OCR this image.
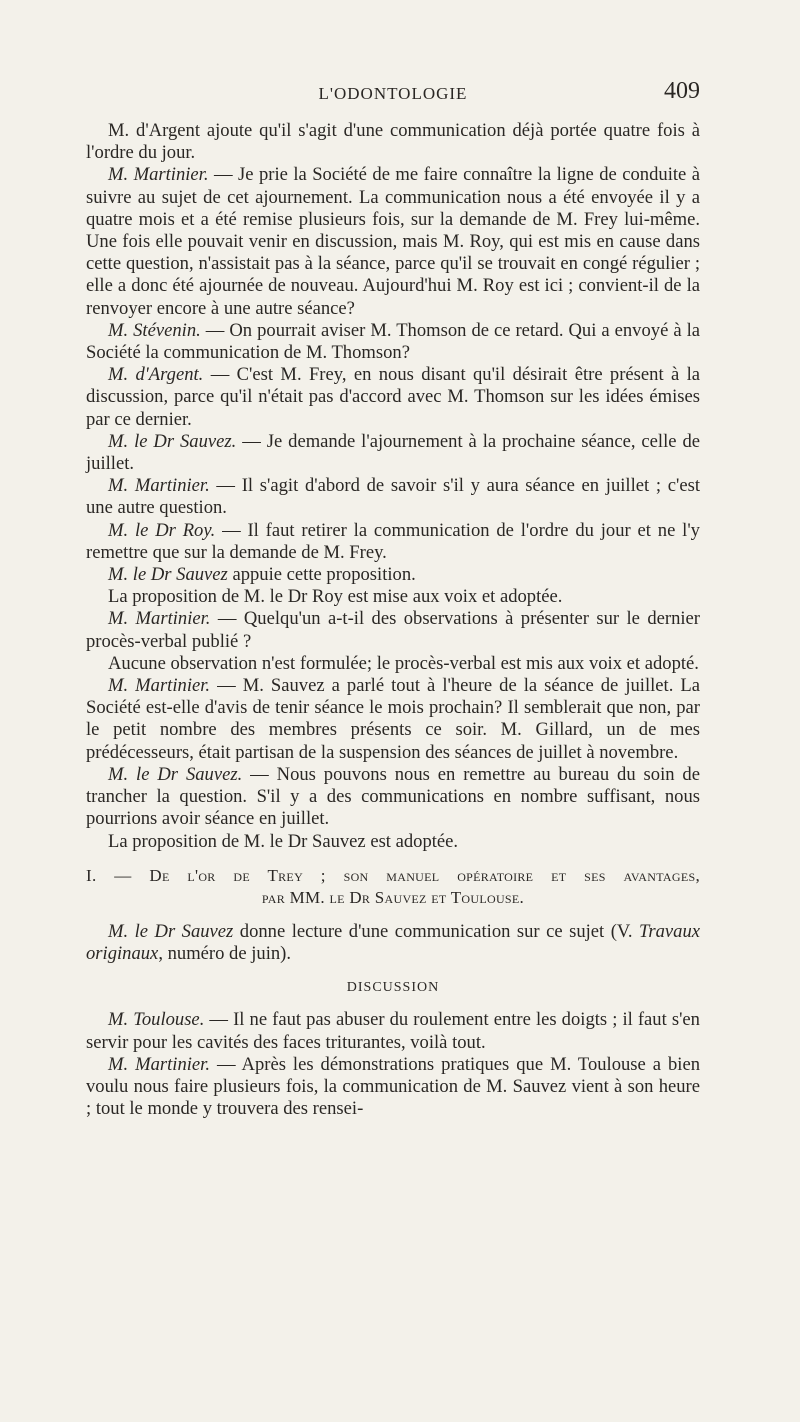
L'ODONTOLOGIE	409

M. d'Argent ajoute qu'il s'agit d'une communication déjà portée quatre fois à l'ordre du jour.

M. Martinier. — Je prie la Société de me faire connaître la ligne de conduite à suivre au sujet de cet ajournement. La communication nous a été envoyée il y a quatre mois et a été remise plusieurs fois, sur la demande de M. Frey lui-même. Une fois elle pouvait venir en discussion, mais M. Roy, qui est mis en cause dans cette question, n'assistait pas à la séance, parce qu'il se trouvait en congé régulier ; elle a donc été ajournée de nouveau. Aujourd'hui M. Roy est ici ; convient-il de la renvoyer encore à une autre séance?

M. Stévenin. — On pourrait aviser M. Thomson de ce retard. Qui a envoyé à la Société la communication de M. Thomson?

M. d'Argent. — C'est M. Frey, en nous disant qu'il désirait être présent à la discussion, parce qu'il n'était pas d'accord avec M. Thomson sur les idées émises par ce dernier.

M. le Dr Sauvez. — Je demande l'ajournement à la prochaine séance, celle de juillet.

M. Martinier. — Il s'agit d'abord de savoir s'il y aura séance en juillet ; c'est une autre question.

M. le Dr Roy. — Il faut retirer la communication de l'ordre du jour et ne l'y remettre que sur la demande de M. Frey.

M. le Dr Sauvez appuie cette proposition.

La proposition de M. le Dr Roy est mise aux voix et adoptée.

M. Martinier. — Quelqu'un a-t-il des observations à présenter sur le dernier procès-verbal publié ?

Aucune observation n'est formulée; le procès-verbal est mis aux voix et adopté.

M. Martinier. — M. Sauvez a parlé tout à l'heure de la séance de juillet. La Société est-elle d'avis de tenir séance le mois prochain? Il semblerait que non, par le petit nombre des membres présents ce soir. M. Gillard, un de mes prédécesseurs, était partisan de la suspension des séances de juillet à novembre.

M. le Dr Sauvez. — Nous pouvons nous en remettre au bureau du soin de trancher la question. S'il y a des communications en nombre suffisant, nous pourrions avoir séance en juillet.

La proposition de M. le Dr Sauvez est adoptée.

I. — De l'or de Trey ; son manuel opératoire et ses avantages,
par MM. le Dr Sauvez et Toulouse.

M. le Dr Sauvez donne lecture d'une communication sur ce sujet (V. Travaux originaux, numéro de juin).

DISCUSSION

M. Toulouse. — Il ne faut pas abuser du roulement entre les doigts ; il faut s'en servir pour les cavités des faces triturantes, voilà tout.

M. Martinier. — Après les démonstrations pratiques que M. Toulouse a bien voulu nous faire plusieurs fois, la communication de M. Sauvez vient à son heure ; tout le monde y trouvera des rensei-
